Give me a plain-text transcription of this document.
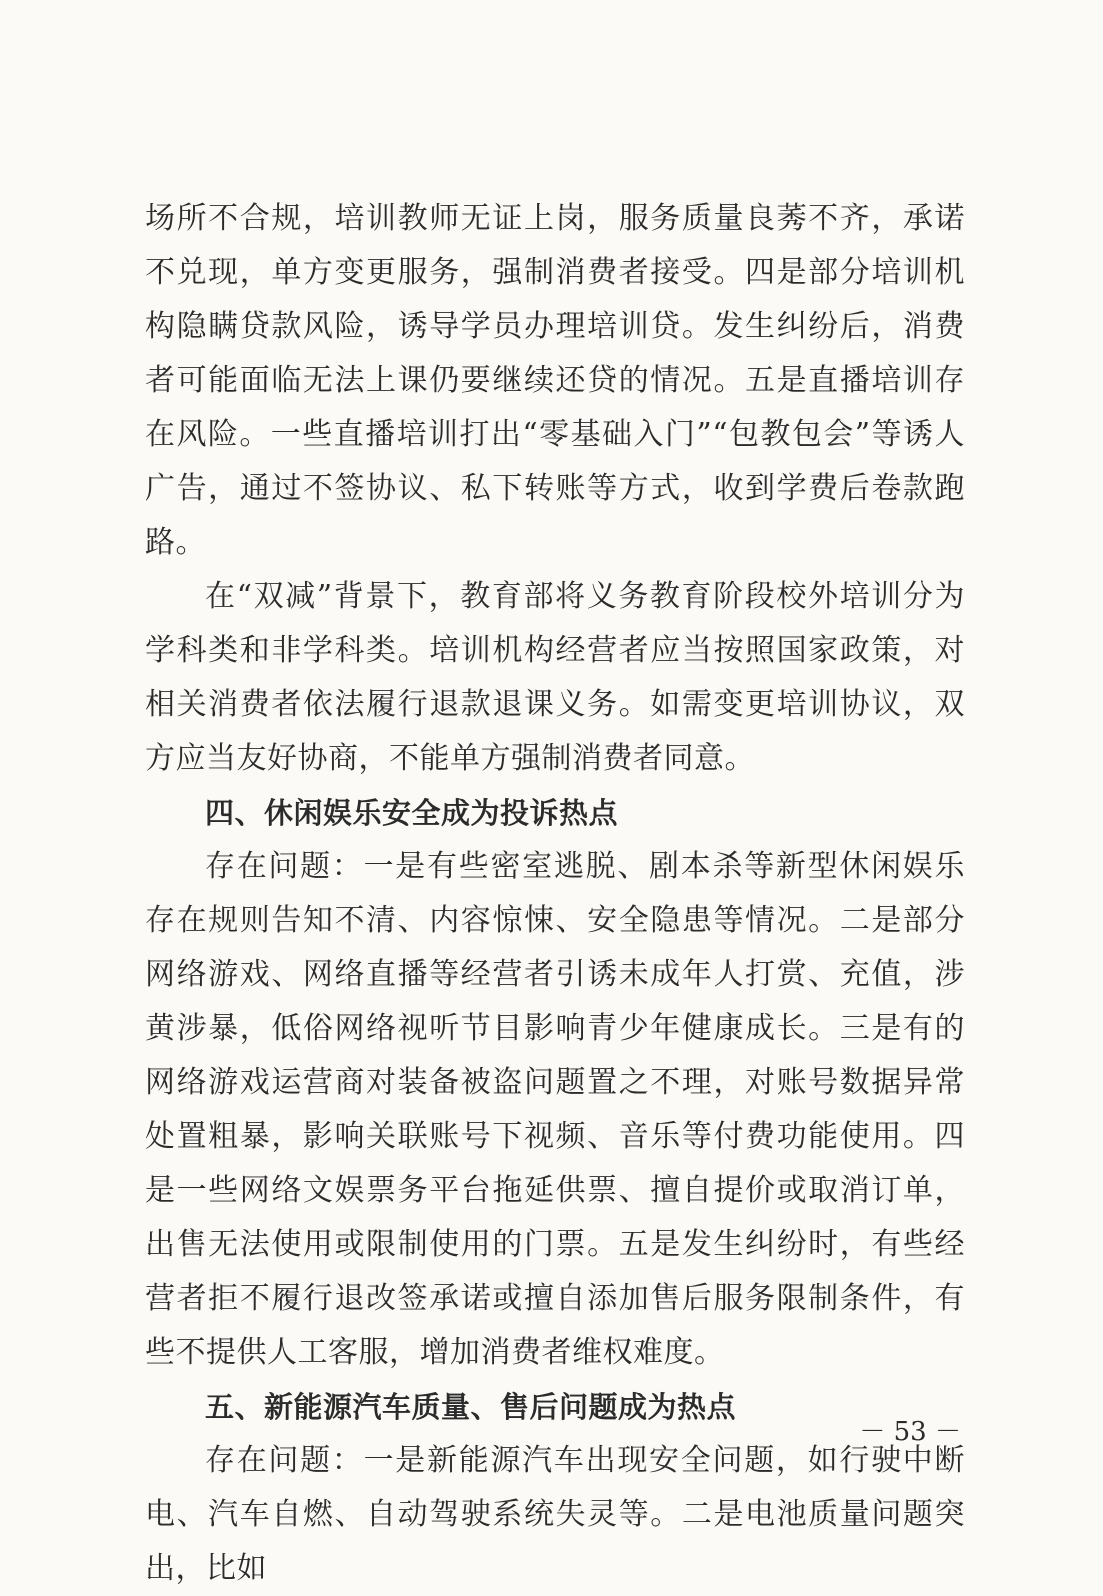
场所不合规，培训教师无证上岗，服务质量良莠不齐，承诺不兑现，单方变更服务，强制消费者接受。四是部分培训机构隐瞒贷款风险，诱导学员办理培训贷。发生纠纷后，消费者可能面临无法上课仍要继续还贷的情况。五是直播培训存在风险。一些直播培训打出“零基础入门”“包教包会”等诱人广告，通过不签协议、私下转账等方式，收到学费后卷款跑路。

在“双减”背景下，教育部将义务教育阶段校外培训分为学科类和非学科类。培训机构经营者应当按照国家政策，对相关消费者依法履行退款退课义务。如需变更培训协议，双方应当友好协商，不能单方强制消费者同意。

四、休闲娱乐安全成为投诉热点

存在问题：一是有些密室逃脱、剧本杀等新型休闲娱乐存在规则告知不清、内容惊悚、安全隐患等情况。二是部分网络游戏、网络直播等经营者引诱未成年人打赏、充值，涉黄涉暴，低俗网络视听节目影响青少年健康成长。三是有的网络游戏运营商对装备被盗问题置之不理，对账号数据异常处置粗暴，影响关联账号下视频、音乐等付费功能使用。四是一些网络文娱票务平台拖延供票、擅自提价或取消订单，出售无法使用或限制使用的门票。五是发生纠纷时，有些经营者拒不履行退改签承诺或擅自添加售后服务限制条件，有些不提供人工客服，增加消费者维权难度。

五、新能源汽车质量、售后问题成为热点

存在问题：一是新能源汽车出现安全问题，如行驶中断电、汽车自燃、自动驾驶系统失灵等。二是电池质量问题突出，比如

－ 53 －
